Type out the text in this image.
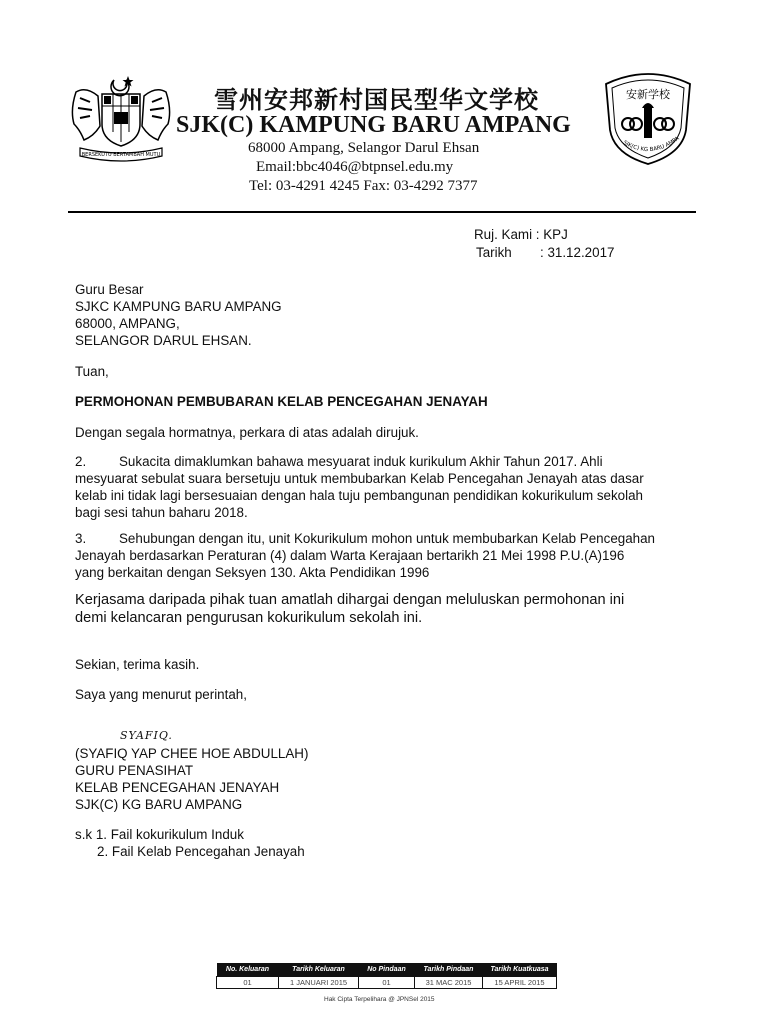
BERSEKUTU BERTAMBAH MUTU
安新学校
SJK(C) KG BARU AMPA
雪州安邦新村国民型华文学校
SJK(C) KAMPUNG BARU AMPANG
68000 Ampang, Selangor Darul Ehsan
Email:bbc4046@btpnsel.edu.my
Tel: 03-4291 4245 Fax: 03-4292 7377
Ruj. Kami : KPJ
Tarikh : 31.12.2017
Guru Besar
SJKC KAMPUNG BARU AMPANG
68000, AMPANG,
SELANGOR DARUL EHSAN.
Tuan,
PERMOHONAN PEMBUBARAN KELAB PENCEGAHAN JENAYAH
Dengan segala hormatnya, perkara di atas adalah dirujuk.
2. Sukacita dimaklumkan bahawa mesyuarat induk kurikulum Akhir Tahun 2017. Ahli
mesyuarat sebulat suara bersetuju untuk membubarkan Kelab Pencegahan Jenayah atas dasar
kelab ini tidak lagi bersesuaian dengan hala tuju pembangunan pendidikan kokurikulum sekolah
bagi sesi tahun baharu 2018.
3. Sehubungan dengan itu, unit Kokurikulum mohon untuk membubarkan Kelab Pencegahan
Jenayah berdasarkan Peraturan (4) dalam Warta Kerajaan bertarikh 21 Mei 1998 P.U.(A)196
yang berkaitan dengan Seksyen 130. Akta Pendidikan 1996
Kerjasama daripada pihak tuan amatlah dihargai dengan meluluskan permohonan ini
demi kelancaran pengurusan kokurikulum sekolah ini.
Sekian, terima kasih.
Saya yang menurut perintah,
SYAFIQ.
(SYAFIQ YAP CHEE HOE ABDULLAH)
GURU PENASIHAT
KELAB PENCEGAHAN JENAYAH
SJK(C) KG BARU AMPANG
s.k 1. Fail kokurikulum Induk
2. Fail Kelab Pencegahan Jenayah
No. Keluaran	Tarikh Keluaran	No Pindaan	Tarikh Pindaan	Tarikh Kuatkuasa
01	1 JANUARI 2015	01	31 MAC 2015	15 APRIL 2015
Hak Cipta Terpelihara @ JPNSel 2015
